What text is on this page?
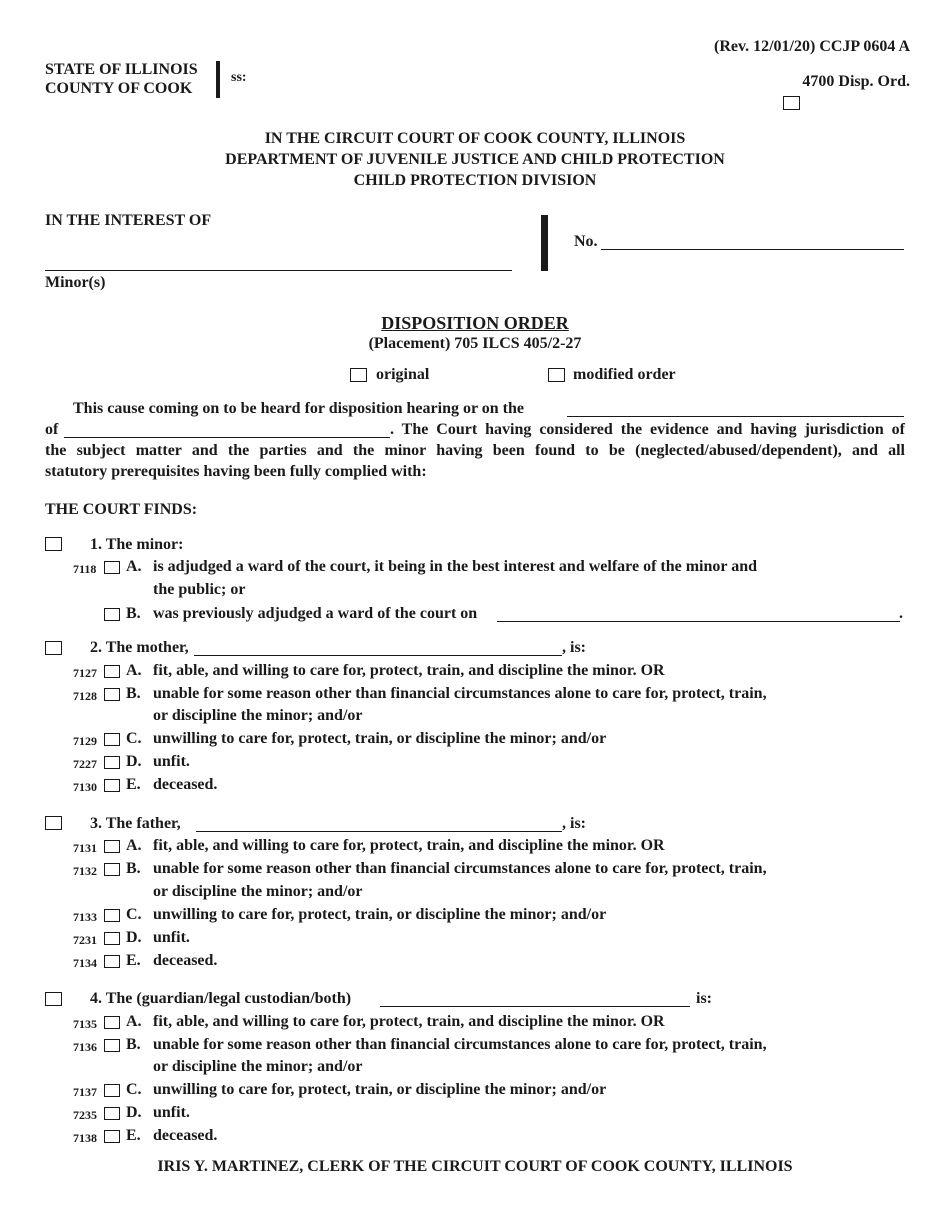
(Rev. 12/01/20) CCJP 0604 A
STATE OF ILLINOIS
COUNTY OF COOK
ss:	4700 Disp. Ord.
IN THE CIRCUIT COURT OF COOK COUNTY, ILLINOIS
DEPARTMENT OF JUVENILE JUSTICE AND CHILD PROTECTION
CHILD PROTECTION DIVISION
IN THE INTEREST OF
Minor(s)
No.
DISPOSITION ORDER
(Placement) 705 ILCS 405/2-27
original	modified order
This cause coming on to be heard for disposition hearing or on the
of	. The Court having considered the evidence and having jurisdiction of
the subject matter and the parties and the minor having been found to be (neglected/abused/dependent), and all
statutory prerequisites having been fully complied with:
THE COURT FINDS:
1. The minor:
7118 A. is adjudged a ward of the court, it being in the best interest and welfare of the minor and
the public; or
B. was previously adjudged a ward of the court on	.
2. The mother,	, is:
7127 A. fit, able, and willing to care for, protect, train, and discipline the minor. OR
7128 B. unable for some reason other than financial circumstances alone to care for, protect, train,
or discipline the minor; and/or
7129 C. unwilling to care for, protect, train, or discipline the minor; and/or
7227 D. unfit.
7130 E. deceased.
3. The father,	, is:
7131 A. fit, able, and willing to care for, protect, train, and discipline the minor. OR
7132 B. unable for some reason other than financial circumstances alone to care for, protect, train,
or discipline the minor; and/or
7133 C. unwilling to care for, protect, train, or discipline the minor; and/or
7231 D. unfit.
7134 E. deceased.
4. The (guardian/legal custodian/both)	is:
7135 A. fit, able, and willing to care for, protect, train, and discipline the minor. OR
7136 B. unable for some reason other than financial circumstances alone to care for, protect, train,
or discipline the minor; and/or
7137 C. unwilling to care for, protect, train, or discipline the minor; and/or
7235 D. unfit.
7138 E. deceased.
IRIS Y. MARTINEZ, CLERK OF THE CIRCUIT COURT OF COOK COUNTY, ILLINOIS
